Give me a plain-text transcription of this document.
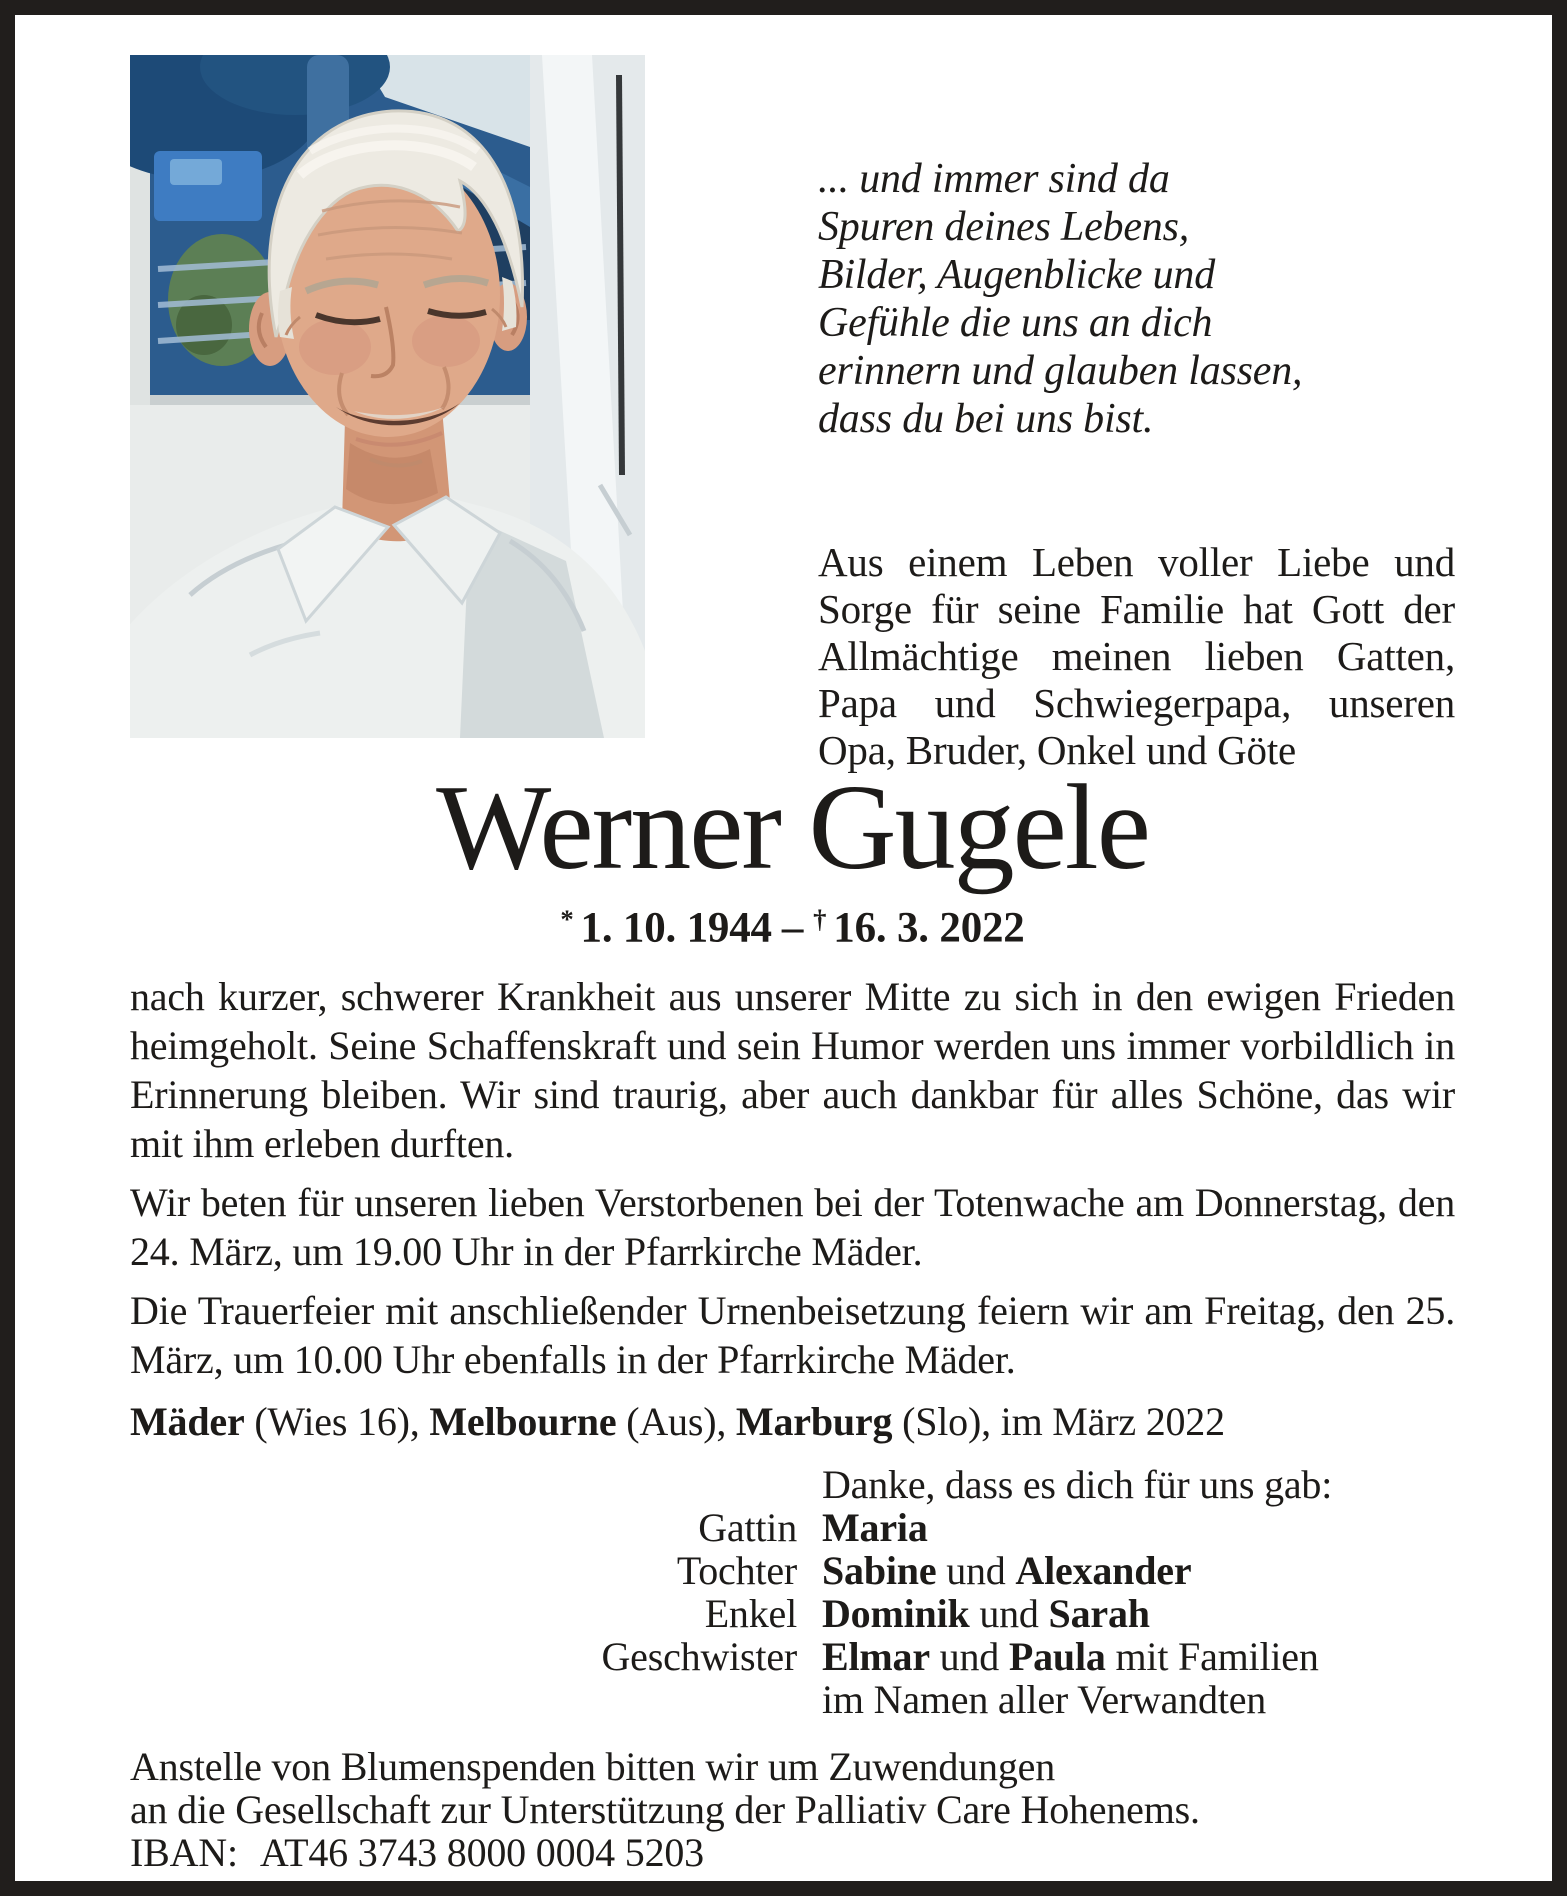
... und immer sind da
Spuren deines Lebens,
Bilder, Augenblicke und
Gefühle die uns an dich
erinnern und glauben lassen,
dass du bei uns bist.
Aus einem Leben voller Liebe und Sorge für seine Familie hat Gott der Allmächtige meinen lieben Gatten, Papa und Schwiegerpapa, unseren Opa, Bruder, Onkel und Göte
Werner Gugele
* 1. 10. 1944 – † 16. 3. 2022

nach kurzer, schwerer Krankheit aus unserer Mitte zu sich in den ewigen Frieden heimgeholt. Seine Schaffenskraft und sein Humor werden uns immer vorbildlich in Erinnerung bleiben. Wir sind traurig, aber auch dankbar für alles Schöne, das wir mit ihm erleben durften.

Wir beten für unseren lieben Verstorbenen bei der Totenwache am Donnerstag, den 24. März, um 19.00 Uhr in der Pfarrkirche Mäder.

Die Trauerfeier mit anschließender Urnenbeisetzung feiern wir am Freitag, den 25. März, um 10.00 Uhr ebenfalls in der Pfarrkirche Mäder.

Mäder (Wies 16), Melbourne (Aus), Marburg (Slo), im März 2022

Danke, dass es dich für uns gab:
Gattin Maria
Tochter Sabine und Alexander
Enkel Dominik und Sarah
Geschwister Elmar und Paula mit Familien
im Namen aller Verwandten
Anstelle von Blumenspenden bitten wir um Zuwendungen
an die Gesellschaft zur Unterstützung der Palliativ Care Hohenems.
IBAN: AT46 3743 8000 0004 5203
